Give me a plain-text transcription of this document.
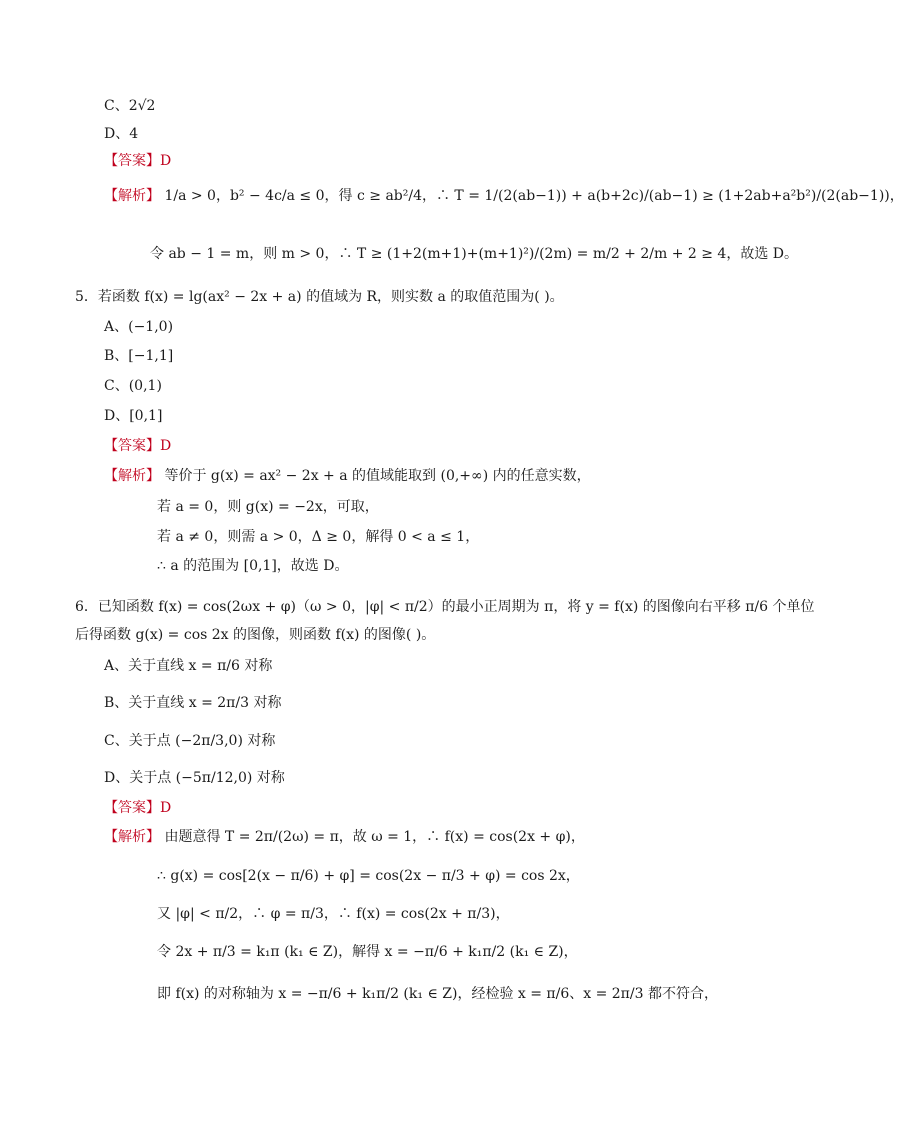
C、2√2
D、4
【答案】D
【解析】 1/a > 0，b² − 4c/a ≤ 0，得 c ≥ ab²/4，∴ T = 1/(2(ab−1)) + a(b+2c)/(ab−1) ≥ (1+2ab+a²b²)/(2(ab−1))，
令 ab − 1 = m，则 m > 0，∴ T ≥ (1+2(m+1)+(m+1)²)/(2m) = m/2 + 2/m + 2 ≥ 4，故选 D。
5．若函数 f(x) = lg(ax² − 2x + a) 的值域为 R，则实数 a 的取值范围为( )。
A、(−1,0)
B、[−1,1]
C、(0,1)
D、[0,1]
【答案】D
【解析】 等价于 g(x) = ax² − 2x + a 的值域能取到 (0,+∞) 内的任意实数，
若 a = 0，则 g(x) = −2x，可取，
若 a ≠ 0，则需 a > 0，Δ ≥ 0，解得 0 < a ≤ 1，
∴ a 的范围为 [0,1]，故选 D。
6．已知函数 f(x) = cos(2ωx + φ)（ω > 0，|φ| < π/2）的最小正周期为 π，将 y = f(x) 的图像向右平移 π/6 个单位
后得函数 g(x) = cos 2x 的图像，则函数 f(x) 的图像( )。
A、关于直线 x = π/6 对称
B、关于直线 x = 2π/3 对称
C、关于点 (−2π/3,0) 对称
D、关于点 (−5π/12,0) 对称
【答案】D
【解析】 由题意得 T = 2π/(2ω) = π，故 ω = 1，∴ f(x) = cos(2x + φ)，
∴ g(x) = cos[2(x − π/6) + φ] = cos(2x − π/3 + φ) = cos 2x，
又 |φ| < π/2，∴ φ = π/3，∴ f(x) = cos(2x + π/3)，
令 2x + π/3 = k₁π (k₁ ∈ Z)，解得 x = −π/6 + k₁π/2 (k₁ ∈ Z)，
即 f(x) 的对称轴为 x = −π/6 + k₁π/2 (k₁ ∈ Z)，经检验 x = π/6、x = 2π/3 都不符合，
